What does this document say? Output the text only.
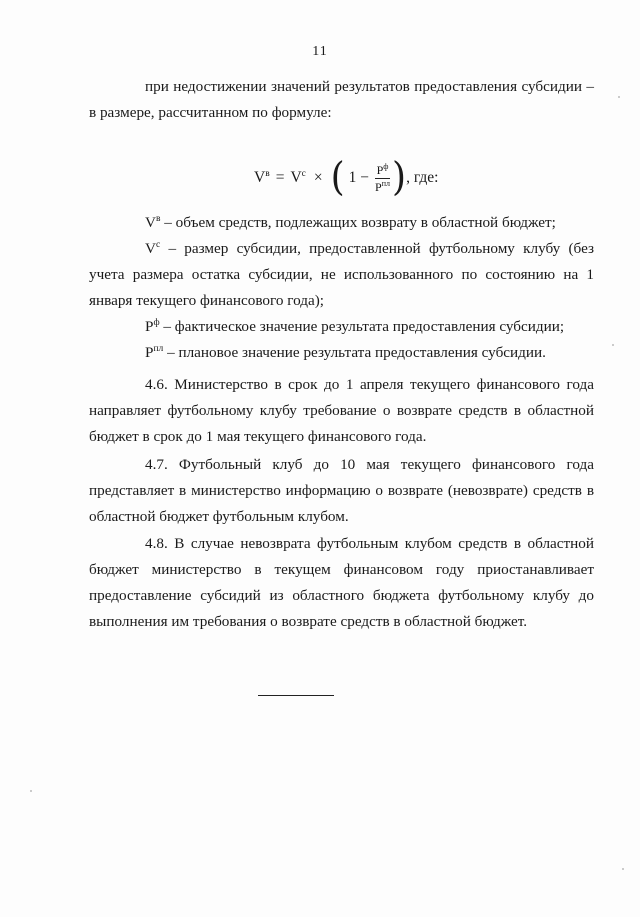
11

при недостижении значений результатов предоставления субсидии –

в размере, рассчитанном по формуле:

$V^в = V^с$ × ( $1 - \frac{P^ф}{P^{пл}}$ ) , где:

$V^в$ – объем средств, подлежащих возврату в областной бюджет;

$V^с$ – размер субсидии, предоставленной футбольному клубу (без учета размера остатка субсидии, не использованного по состоянию на 1 января текущего финансового года);

$P^ф$ – фактическое значение результата предоставления субсидии;

$P^{пл}$ – плановое значение результата предоставления субсидии.

4.6. Министерство в срок до 1 апреля текущего финансового года направляет футбольному клубу требование о возврате средств в областной бюджет в срок до 1 мая текущего финансового года.

4.7. Футбольный клуб до 10 мая текущего финансового года представляет в министерство информацию о возврате (невозврате) средств в областной бюджет футбольным клубом.

4.8. В случае невозврата футбольным клубом средств в областной бюджет министерство в текущем финансовом году приостанавливает предоставление субсидий из областного бюджета футбольному клубу до выполнения им требования о возврате средств в областной бюджет.
